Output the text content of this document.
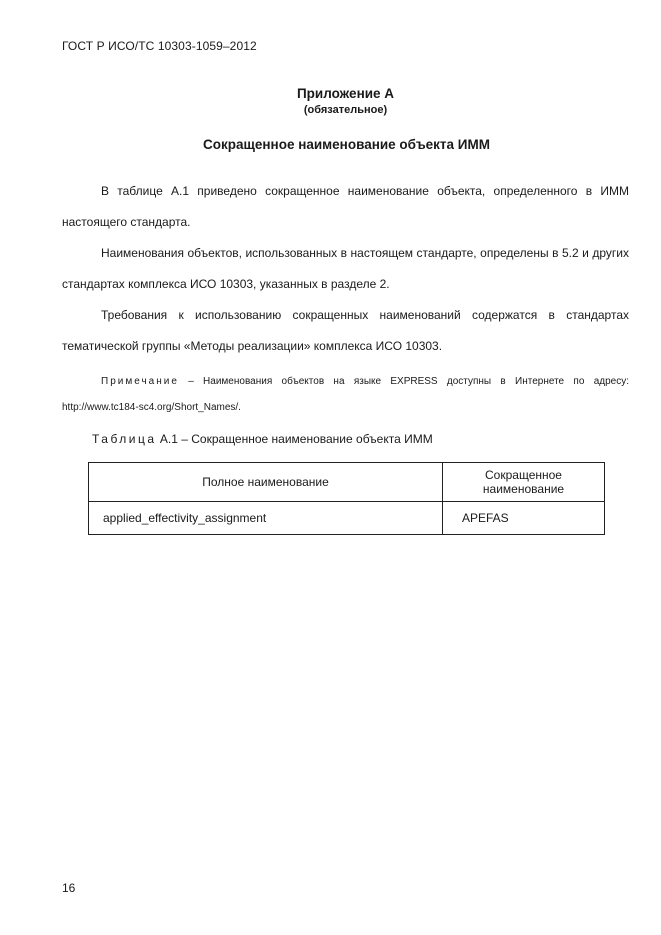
ГОСТ Р ИСО/ТС 10303-1059–2012
Приложение А
(обязательное)
Сокращенное наименование объекта ИММ
В таблице А.1 приведено сокращенное наименование объекта, определенного в ИММ настоящего стандарта.
Наименования объектов, использованных в настоящем стандарте, определены в 5.2 и других стандартах комплекса ИСО 10303, указанных в разделе 2.
Требования к использованию сокращенных наименований содержатся в стандартах тематической группы «Методы реализации» комплекса ИСО 10303.
Примечание – Наименования объектов на языке EXPRESS доступны в Интернете по адресу: http://www.tc184-sc4.org/Short_Names/.
Таблица А.1 – Сокращенное наименование объекта ИММ
Полное наименование	Сокращенное наименование
applied_effectivity_assignment	APEFAS
16
